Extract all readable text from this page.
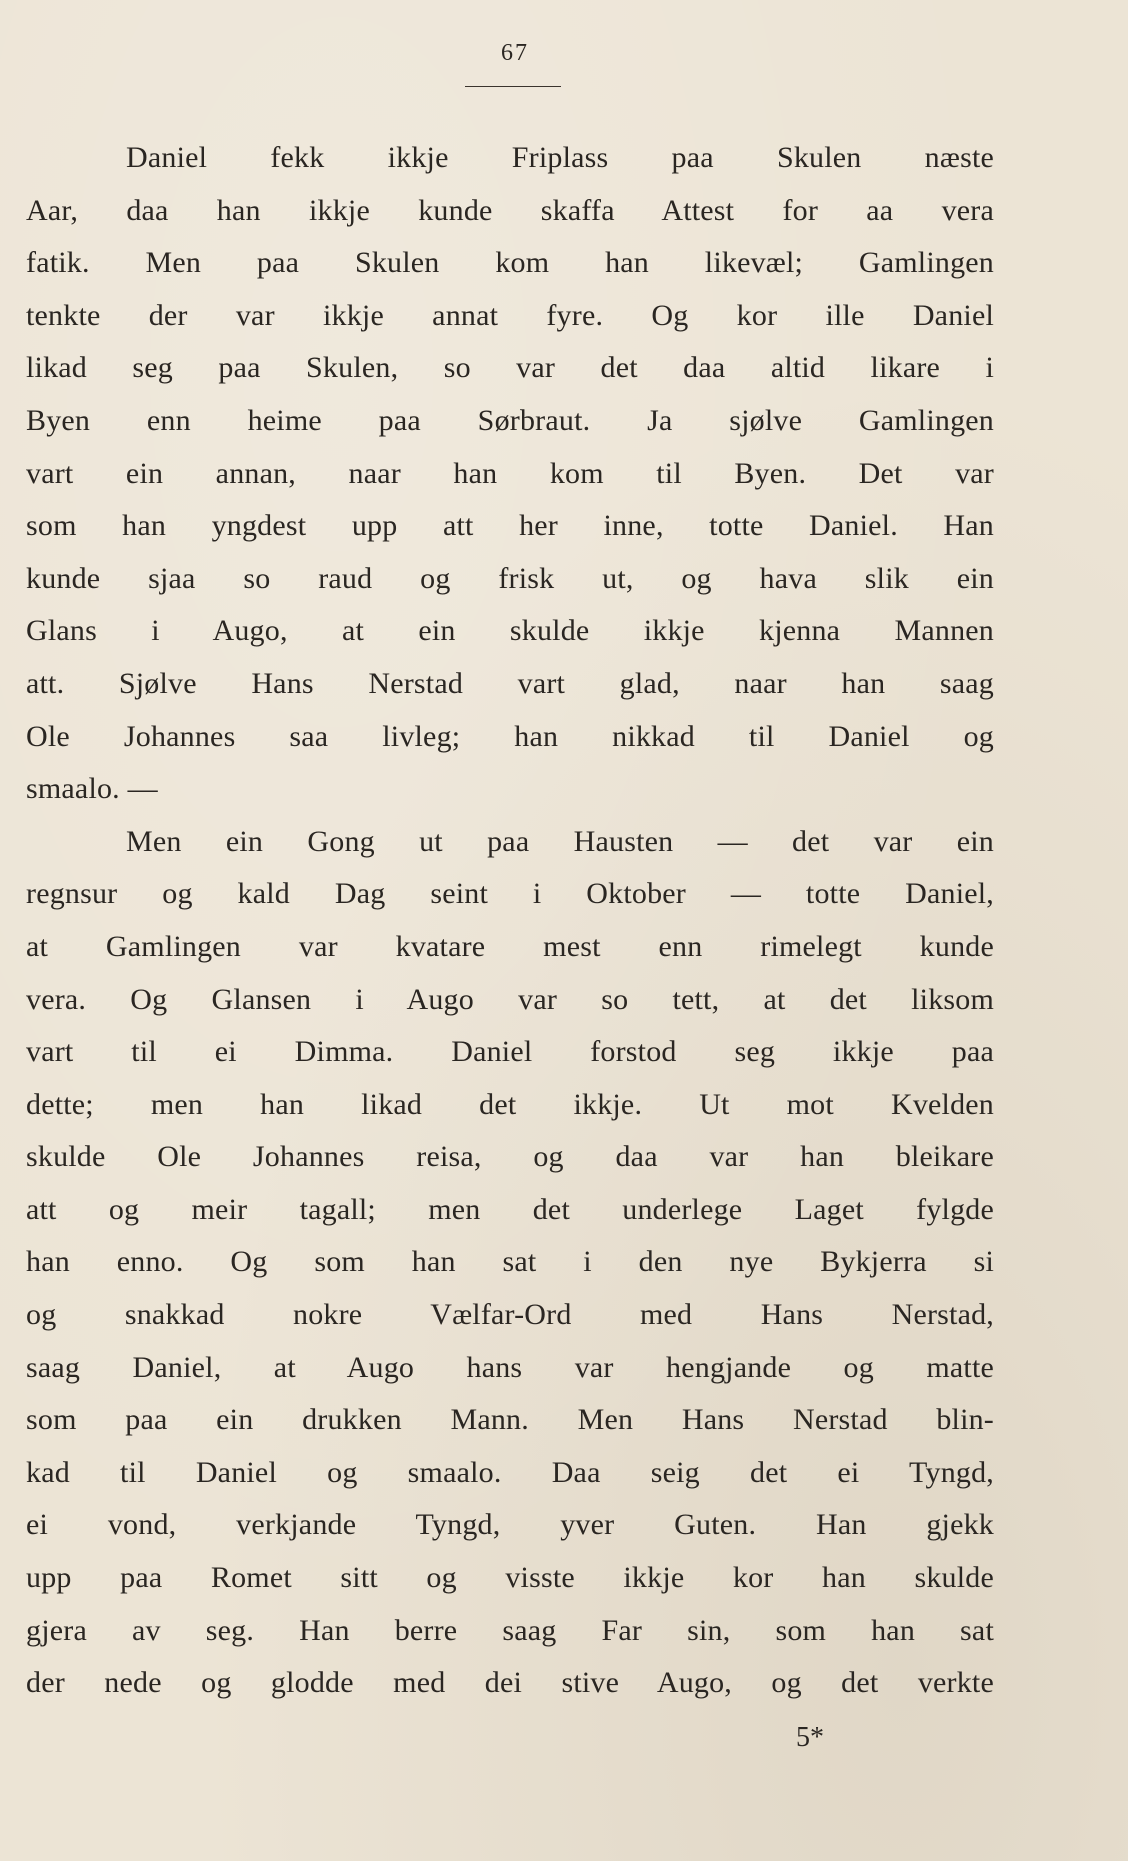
67
Daniel fekk ikkje Friplass paa Skulen næste
Aar, daa han ikkje kunde skaffa Attest for aa vera
fatik. Men paa Skulen kom han likevæl; Gamlingen
tenkte der var ikkje annat fyre. Og kor ille Daniel
likad seg paa Skulen, so var det daa altid likare i
Byen enn heime paa Sørbraut. Ja sjølve Gamlingen
vart ein annan, naar han kom til Byen. Det var
som han yngdest upp att her inne, totte Daniel. Han
kunde sjaa so raud og frisk ut, og hava slik ein
Glans i Augo, at ein skulde ikkje kjenna Mannen
att. Sjølve Hans Nerstad vart glad, naar han saag
Ole Johannes saa livleg; han nikkad til Daniel og
smaalo. —
Men ein Gong ut paa Hausten — det var ein
regnsur og kald Dag seint i Oktober — totte Daniel,
at Gamlingen var kvatare mest enn rimelegt kunde
vera. Og Glansen i Augo var so tett, at det liksom
vart til ei Dimma. Daniel forstod seg ikkje paa
dette; men han likad det ikkje. Ut mot Kvelden
skulde Ole Johannes reisa, og daa var han bleikare
att og meir tagall; men det underlege Laget fylgde
han enno. Og som han sat i den nye Bykjerra si
og snakkad nokre Vælfar-Ord med Hans Nerstad,
saag Daniel, at Augo hans var hengjande og matte
som paa ein drukken Mann. Men Hans Nerstad blin-
kad til Daniel og smaalo. Daa seig det ei Tyngd,
ei vond, verkjande Tyngd, yver Guten. Han gjekk
upp paa Romet sitt og visste ikkje kor han skulde
gjera av seg. Han berre saag Far sin, som han sat
der nede og glodde med dei stive Augo, og det verkte
5*
